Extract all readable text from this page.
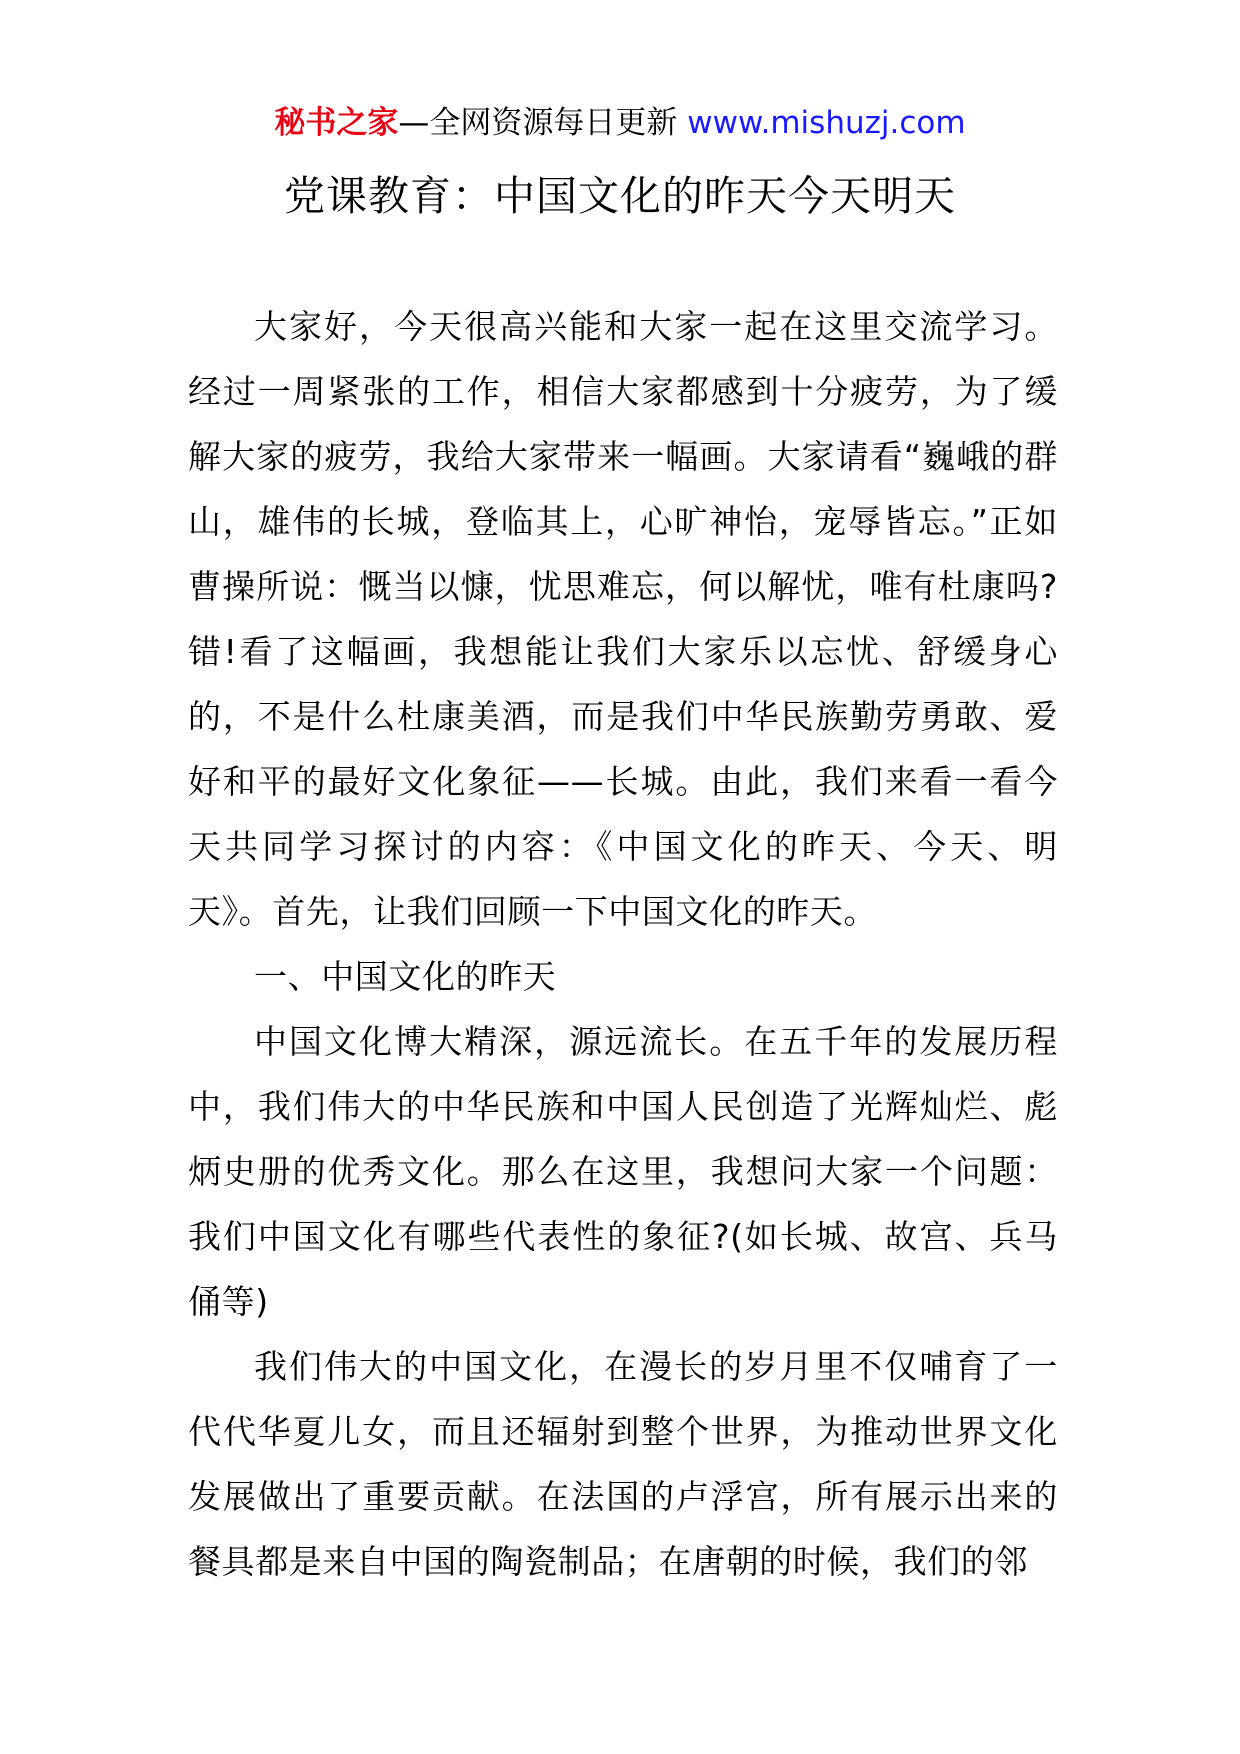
秘书之家—全网资源每日更新 www.mishuzj.com
党课教育：中国文化的昨天今天明天

大家好，今天很高兴能和大家一起在这里交流学习。经过一周紧张的工作，相信大家都感到十分疲劳，为了缓解大家的疲劳，我给大家带来一幅画。大家请看“巍峨的群山，雄伟的长城，登临其上，心旷神怡，宠辱皆忘。”正如曹操所说：慨当以慷，忧思难忘，何以解忧，唯有杜康吗?错!看了这幅画，我想能让我们大家乐以忘忧、舒缓身心的，不是什么杜康美酒，而是我们中华民族勤劳勇敢、爱好和平的最好文化象征——长城。由此，我们来看一看今天共同学习探讨的内容：《中国文化的昨天、今天、明天》。首先，让我们回顾一下中国文化的昨天。

一、中国文化的昨天

中国文化博大精深，源远流长。在五千年的发展历程中，我们伟大的中华民族和中国人民创造了光辉灿烂、彪炳史册的优秀文化。那么在这里，我想问大家一个问题：我们中国文化有哪些代表性的象征?(如长城、故宫、兵马俑等)

我们伟大的中国文化，在漫长的岁月里不仅哺育了一代代华夏儿女，而且还辐射到整个世界，为推动世界文化发展做出了重要贡献。在法国的卢浮宫，所有展示出来的餐具都是来自中国的陶瓷制品；在唐朝的时候，我们的邻
